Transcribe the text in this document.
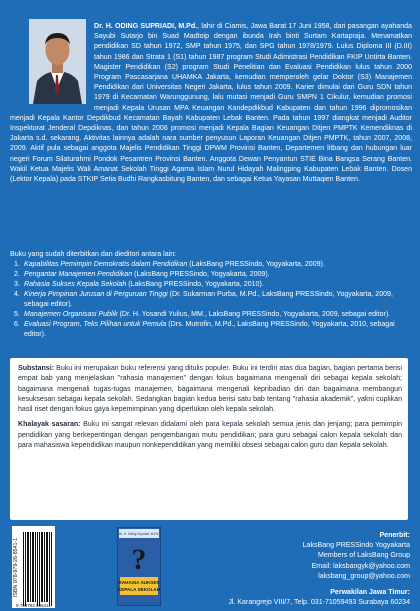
Dr. H. ODING SUPRIADI, M.Pd., lahir di Ciamis, Jawa Barat 17 Juni 1958, dari pasangan ayahanda Sayubi Sutarjo bin Suad Madtoip dengan ibunda Irah binti Surtam Kartapraja. Menamatkan pendidikan SD tahun 1972, SMP tahun 1975, dan SPG tahun 1978/1979. Lulus Diploma III (D.III) tahun 1986 dan Strata 1 (S1) tahun 1987 program Studi Adimistrasi Pendidikan FKIP Untirta Banten. Magister Pendidikan (S2) program Studi Penelitian dan Evaluasi Pendidikan lulus tahun 2000 Program Pascasarjana UHAMKA Jakarta, kemudian memperoleh gelar Doktor (S3) Manajemen Pendidikan dari Universitas Negeri Jakarta, lulus tahun 2009. Karier dimulai dari Guru SDN tahun 1979 di Kecamatan Warunggunung, lalu mutasi menjadi Guru SMPN 1 Cikulur, kemudian promosi menjadi Kepala Urusan MPA Keuangan Kandepdikbud Kabupaten dan tahun 1996 dipromosikan menjadi Kepala Kantor Depdikbud Kecamatan Bayah Kabupaten Lebak Banten. Pada tahun 1997 diangkat menjadi Auditor Inspektorat Jenderal Depdiknas, dan tahun 2006 promosi menjadi Kepala Bagian Keuangan Ditjen PMPTK Kemendiknas di Jakarta s.d. sekarang. Aktivitas lainnya adalah nara sumber penyusun Laporan Keuangan Ditjen PMPTK, tahun 2007, 2008, 2009. Aktif pula sebagai anggota Majelis Pendidikan Tinggi DPWM Provinsi Banten, Departemen litbang dan hubungan luar negeri Forum Silaturahmi Pondok Pesantren Provinsi Banten. Anggota Dewan Penyantun STIE Bina Bangsa Serang Banten. Wakil Ketua Majelis Wali Amanat Sekolah Tinggi Agama Islam Nurul Hidayah Malingping Kabupaten Lebak Banten. Dosen (Lektor Kepala) pada STKIP Setia Budhi Rangkasbitung Banten, dan sebagai Ketua Yayasan Muttaqien Banten.
Buku yang sudah diterbitkan dan dieditori antara lain:
1. Kapabilitas Pemimpin Demokratis dalam Pendidikan (LaksBang PRESSindo, Yogyakarta, 2009).
2. Pengantar Manajemen Pendidikan (LaksBang PRESSindo, Yogyakarta, 2009).
3. Rahasia Sukses Kepala Sekolah (LaksBang PRESSindo, Yogyakarta, 2010).
4. Kinerja Pimpinan Jurusan di Perguruan Tinggi (Dr. Sukarman Purba, M.Pd., LaksBang PRESSindo, Yogyakarta, 2009, sebagai editor).
5. Manajemen Organisasi Publik (Dr. H. Yosandi Yulius, MM., LaksBang PRESSindo, Yogyakarta, 2009, sebagai editor).
6. Evaluasi Program, Teks Pilihan untuk Pemula (Drs. Mutrofin, M.Pd., LaksBang PRESSindo, Yogyakarta, 2010, sebagai editor).

Substansi: Buku ini merupakan buku referensi yang ditulis populer. Buku ini terdiri atas dua bagian, bagian pertama berisi empat bab yang menjelaskan "rahasia manajemen" dengan fokus bagaimana mengenali diri sebagai kepala sekolah; bagaimana mengenali tugas-tugas manajemen, bagaimana mengenali kepribadian diri dan bagaimana membangun kesuksesan sebagai kepala sekolah. Sedangkan bagian kedua berisi satu bab tentang "rahasia akademik", yakni cuplikan hasil riset dengan fokus gaya kepemimpinan yang diperlukan oleh kepala sekolah.

Khalayak sasaran: Buku ini sangat relevan didalami oleh para kepala sekolah semua jenis dan jenjang; para pemimpin pendidikan yang berkepentingan dengan pengembangan mutu pendidikan; para guru sebagai calon kepala sekolah dan para mahasiswa kependidikan maupun nonkependidikan yang memiliki obsesi sebagai calon guru dan kepala sekolah.

ISBN 978-979-26-8541-1
9 789792 685411
Dr. H. Oding Supriadi, M.Pd.
?
RAHASIA SUKSES
KEPALA SEKOLAH
Penerbit:
LaksBang PRESSindo Yogyakarta
Members of LaksBang Group
Email: laksbangyk@yahoo.com
laksbang_group@yahoo.com
Perwakilan Jawa Timur:
Jl. Karangrejo VIII/7, Telp. 031-71059493 Surabaya 60234
